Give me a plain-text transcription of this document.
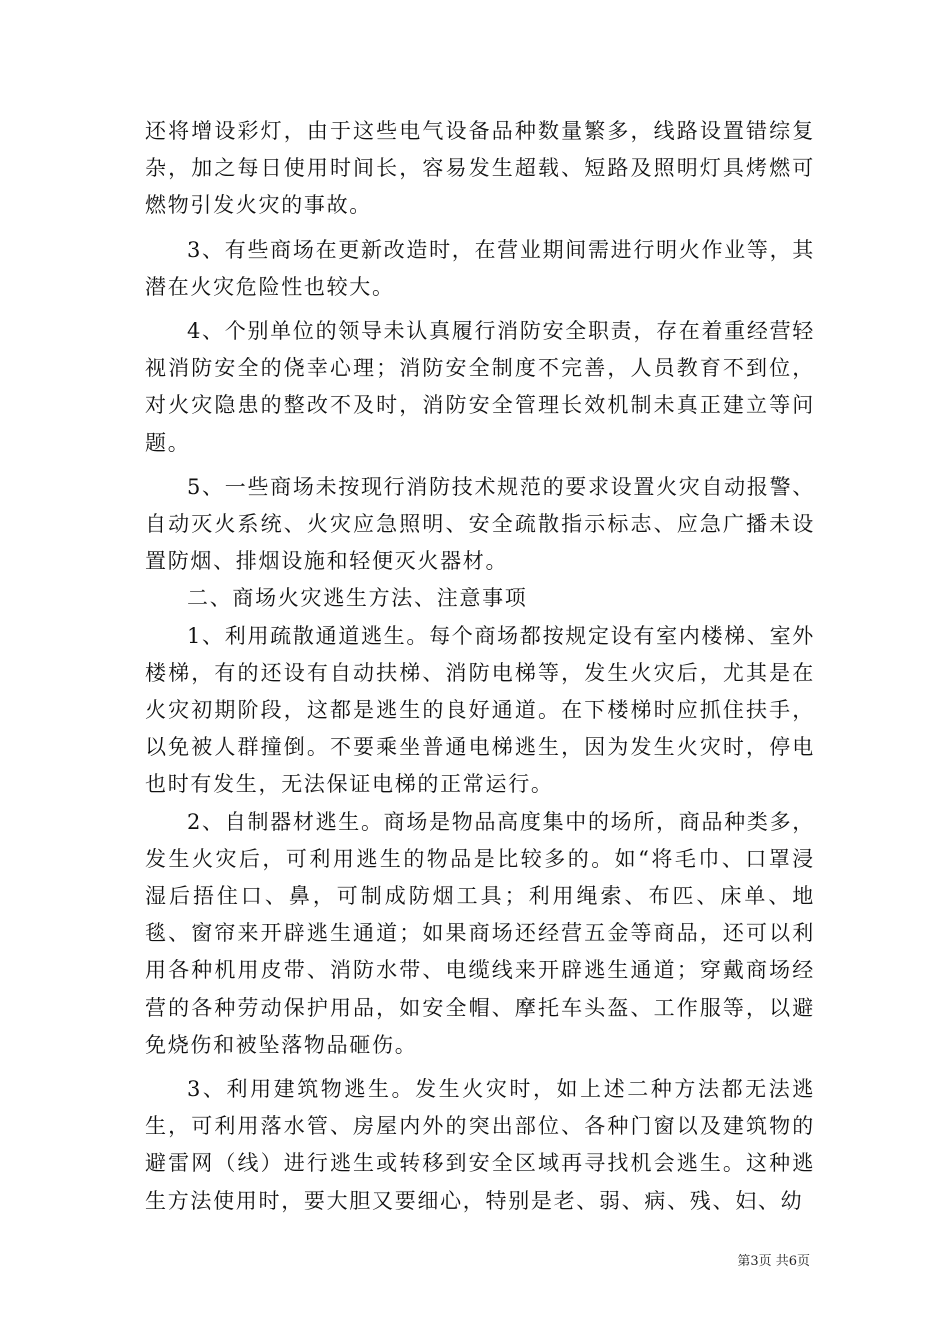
还将增设彩灯，由于这些电气设备品种数量繁多，线路设置错综复杂，加之每日使用时间长，容易发生超载、短路及照明灯具烤燃可燃物引发火灾的事故。

3、有些商场在更新改造时，在营业期间需进行明火作业等，其潜在火灾危险性也较大。

4、个别单位的领导未认真履行消防安全职责，存在着重经营轻视消防安全的侥幸心理；消防安全制度不完善，人员教育不到位，对火灾隐患的整改不及时，消防安全管理长效机制未真正建立等问题。

5、一些商场未按现行消防技术规范的要求设置火灾自动报警、自动灭火系统、火灾应急照明、安全疏散指示标志、应急广播未设置防烟、排烟设施和轻便灭火器材。

二、商场火灾逃生方法、注意事项

1、利用疏散通道逃生。每个商场都按规定设有室内楼梯、室外楼梯，有的还设有自动扶梯、消防电梯等，发生火灾后，尤其是在火灾初期阶段，这都是逃生的良好通道。在下楼梯时应抓住扶手，以免被人群撞倒。不要乘坐普通电梯逃生，因为发生火灾时，停电也时有发生，无法保证电梯的正常运行。

2、自制器材逃生。商场是物品高度集中的场所，商品种类多，发生火灾后，可利用逃生的物品是比较多的。如“将毛巾、口罩浸湿后捂住口、鼻，可制成防烟工具；利用绳索、布匹、床单、地毯、窗帘来开辟逃生通道；如果商场还经营五金等商品，还可以利用各种机用皮带、消防水带、电缆线来开辟逃生通道；穿戴商场经营的各种劳动保护用品，如安全帽、摩托车头盔、工作服等，以避免烧伤和被坠落物品砸伤。

3、利用建筑物逃生。发生火灾时，如上述二种方法都无法逃生，可利用落水管、房屋内外的突出部位、各种门窗以及建筑物的避雷网（线）进行逃生或转移到安全区域再寻找机会逃生。这种逃生方法使用时，要大胆又要细心，特别是老、弱、病、残、妇、幼

第3页 共6页
